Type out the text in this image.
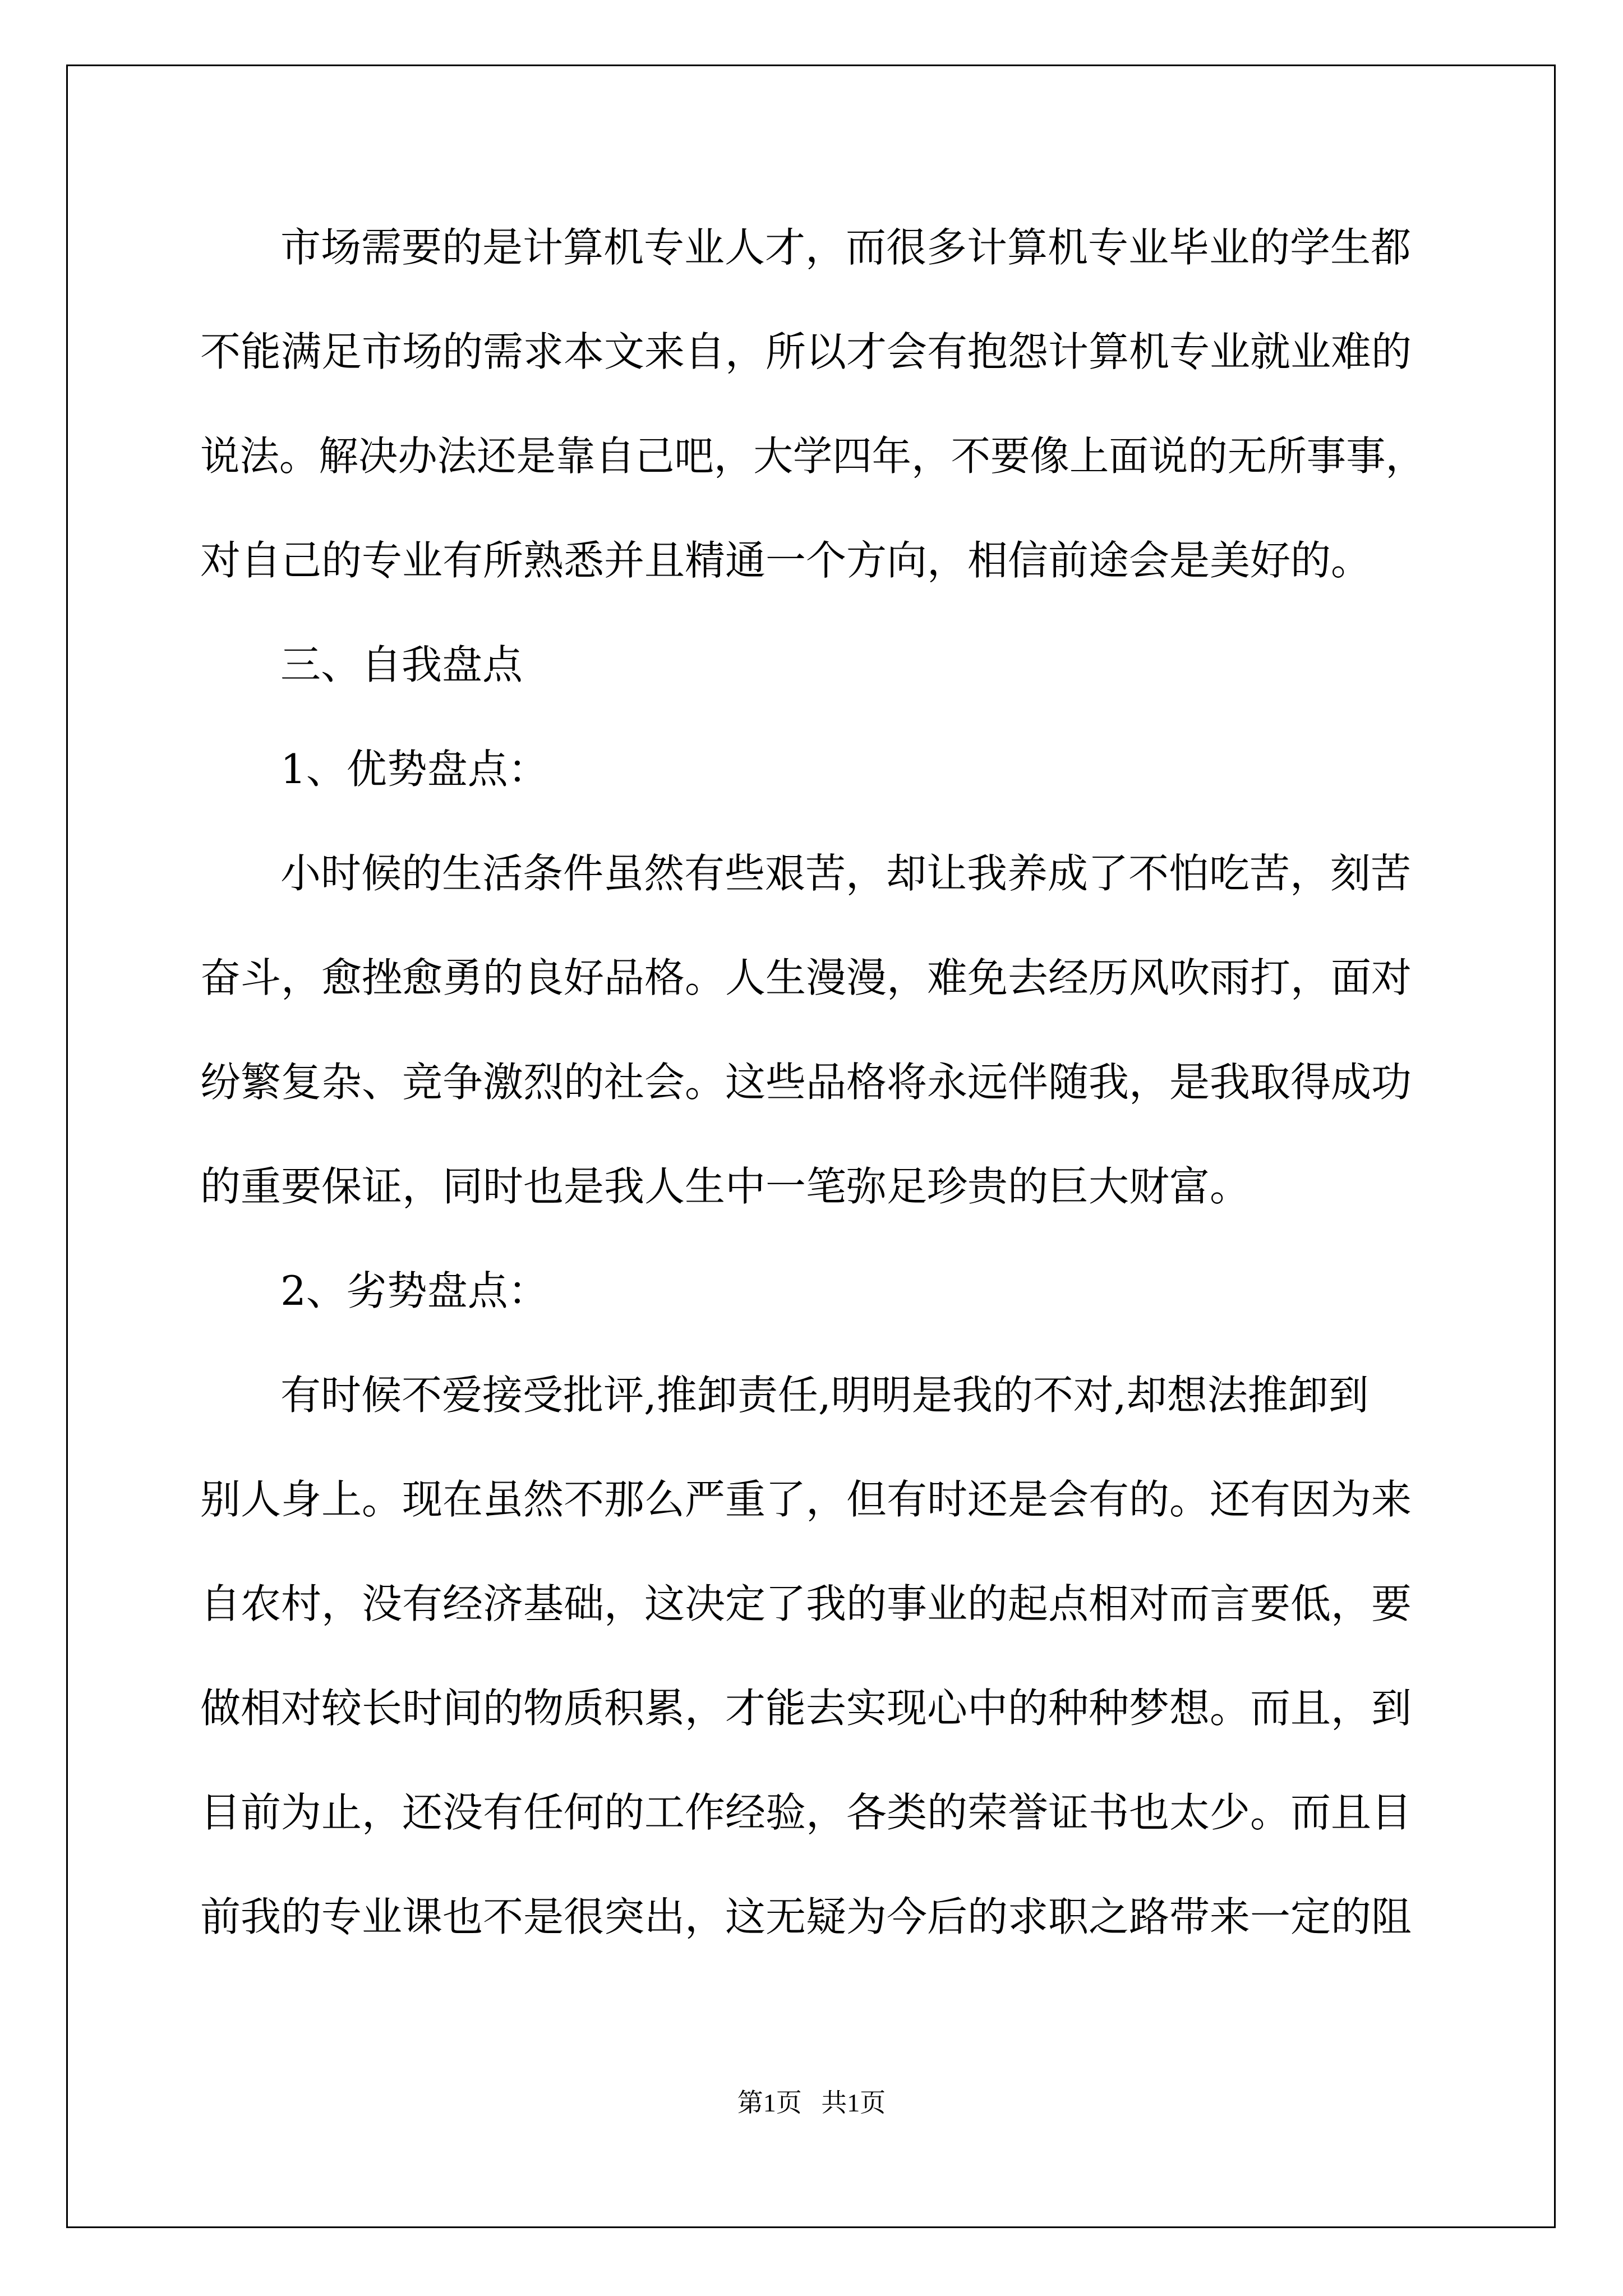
市场需要的是计算机专业人才，而很多计算机专业毕业的学生都
不能满足市场的需求本文来自，所以才会有抱怨计算机专业就业难的
说法。解决办法还是靠自己吧，大学四年，不要像上面说的无所事事，
对自己的专业有所熟悉并且精通一个方向，相信前途会是美好的。
三、自我盘点
1、优势盘点：
小时候的生活条件虽然有些艰苦，却让我养成了不怕吃苦，刻苦
奋斗，愈挫愈勇的良好品格。人生漫漫，难免去经历风吹雨打，面对
纷繁复杂、竞争激烈的社会。这些品格将永远伴随我，是我取得成功
的重要保证，同时也是我人生中一笔弥足珍贵的巨大财富。
2、劣势盘点：
有时候不爱接受批评,推卸责任,明明是我的不对,却想法推卸到
别人身上。现在虽然不那么严重了，但有时还是会有的。还有因为来
自农村，没有经济基础，这决定了我的事业的起点相对而言要低，要
做相对较长时间的物质积累，才能去实现心中的种种梦想。而且，到
目前为止，还没有任何的工作经验，各类的荣誉证书也太少。而且目
前我的专业课也不是很突出，这无疑为今后的求职之路带来一定的阻
第1页   共1页
